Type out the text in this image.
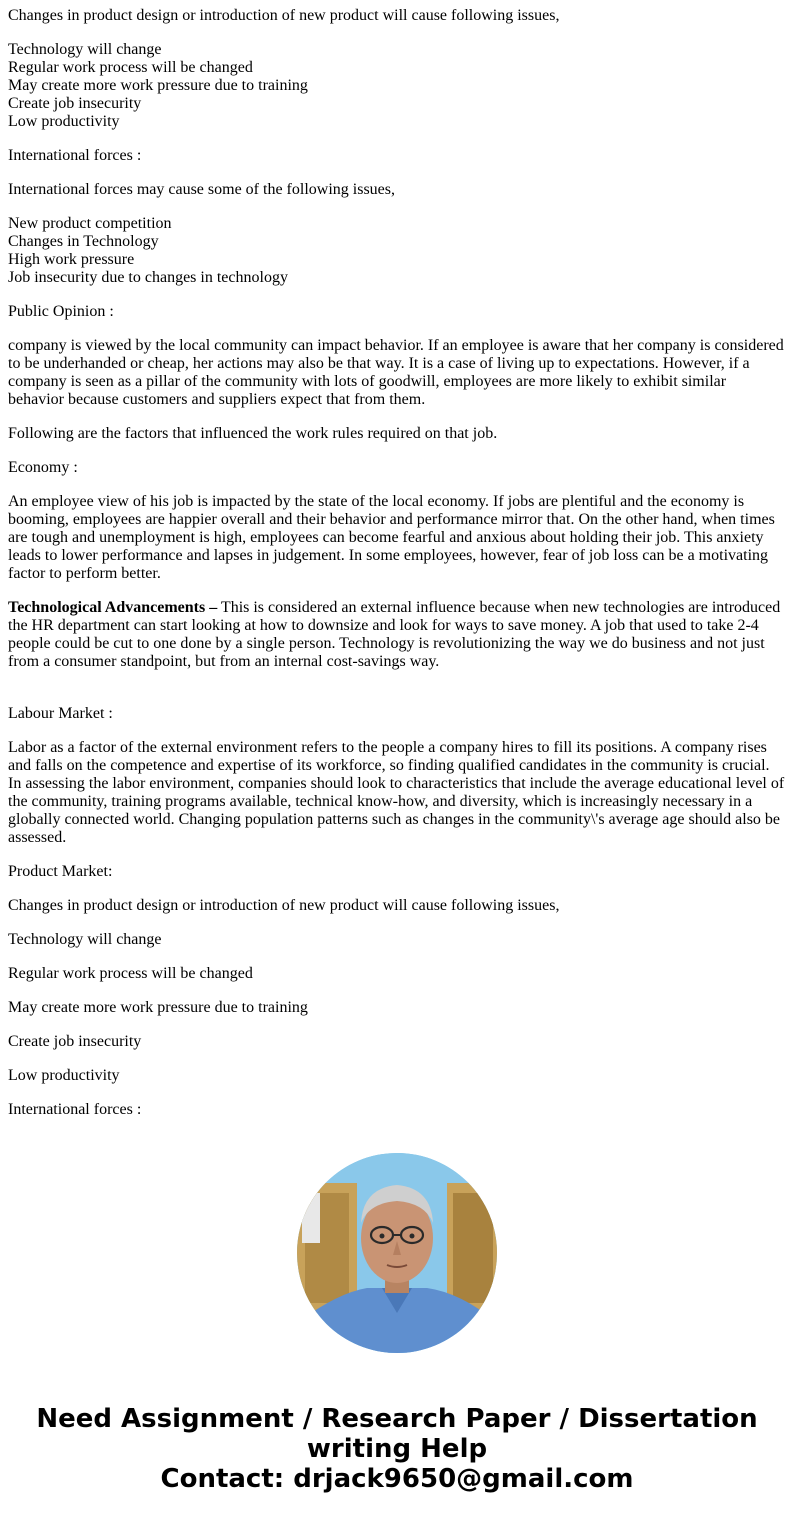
Changes in product design or introduction of new product will cause following issues,

Technology will change
Regular work process will be changed
May create more work pressure due to training
Create job insecurity
Low productivity

International forces :

International forces may cause some of the following issues,

New product competition
Changes in Technology
High work pressure
Job insecurity due to changes in technology

Public Opinion :

company is viewed by the local community can impact behavior. If an employee is aware that her company is considered to be underhanded or cheap, her actions may also be that way. It is a case of living up to expectations. However, if a company is seen as a pillar of the community with lots of goodwill, employees are more likely to exhibit similar behavior because customers and suppliers expect that from them.

Following are the factors that influenced the work rules required on that job.

Economy :

An employee view of his job is impacted by the state of the local economy. If jobs are plentiful and the economy is booming, employees are happier overall and their behavior and performance mirror that. On the other hand, when times are tough and unemployment is high, employees can become fearful and anxious about holding their job. This anxiety leads to lower performance and lapses in judgement. In some employees, however, fear of job loss can be a motivating factor to perform better.

Technological Advancements – This is considered an external influence because when new technologies are introduced the HR department can start looking at how to downsize and look for ways to save money. A job that used to take 2-4 people could be cut to one done by a single person. Technology is revolutionizing the way we do business and not just from a consumer standpoint, but from an internal cost-savings way.

Labour Market :

Labor as a factor of the external environment refers to the people a company hires to fill its positions. A company rises and falls on the competence and expertise of its workforce, so finding qualified candidates in the community is crucial. In assessing the labor environment, companies should look to characteristics that include the average educational level of the community, training programs available, technical know-how, and diversity, which is increasingly necessary in a globally connected world. Changing population patterns such as changes in the community\'s average age should also be assessed.

Product Market:

Changes in product design or introduction of new product will cause following issues,

Technology will change

Regular work process will be changed

May create more work pressure due to training

Create job insecurity

Low productivity

International forces :

Need Assignment / Research Paper / Dissertation
writing Help
Contact: drjack9650@gmail.com
